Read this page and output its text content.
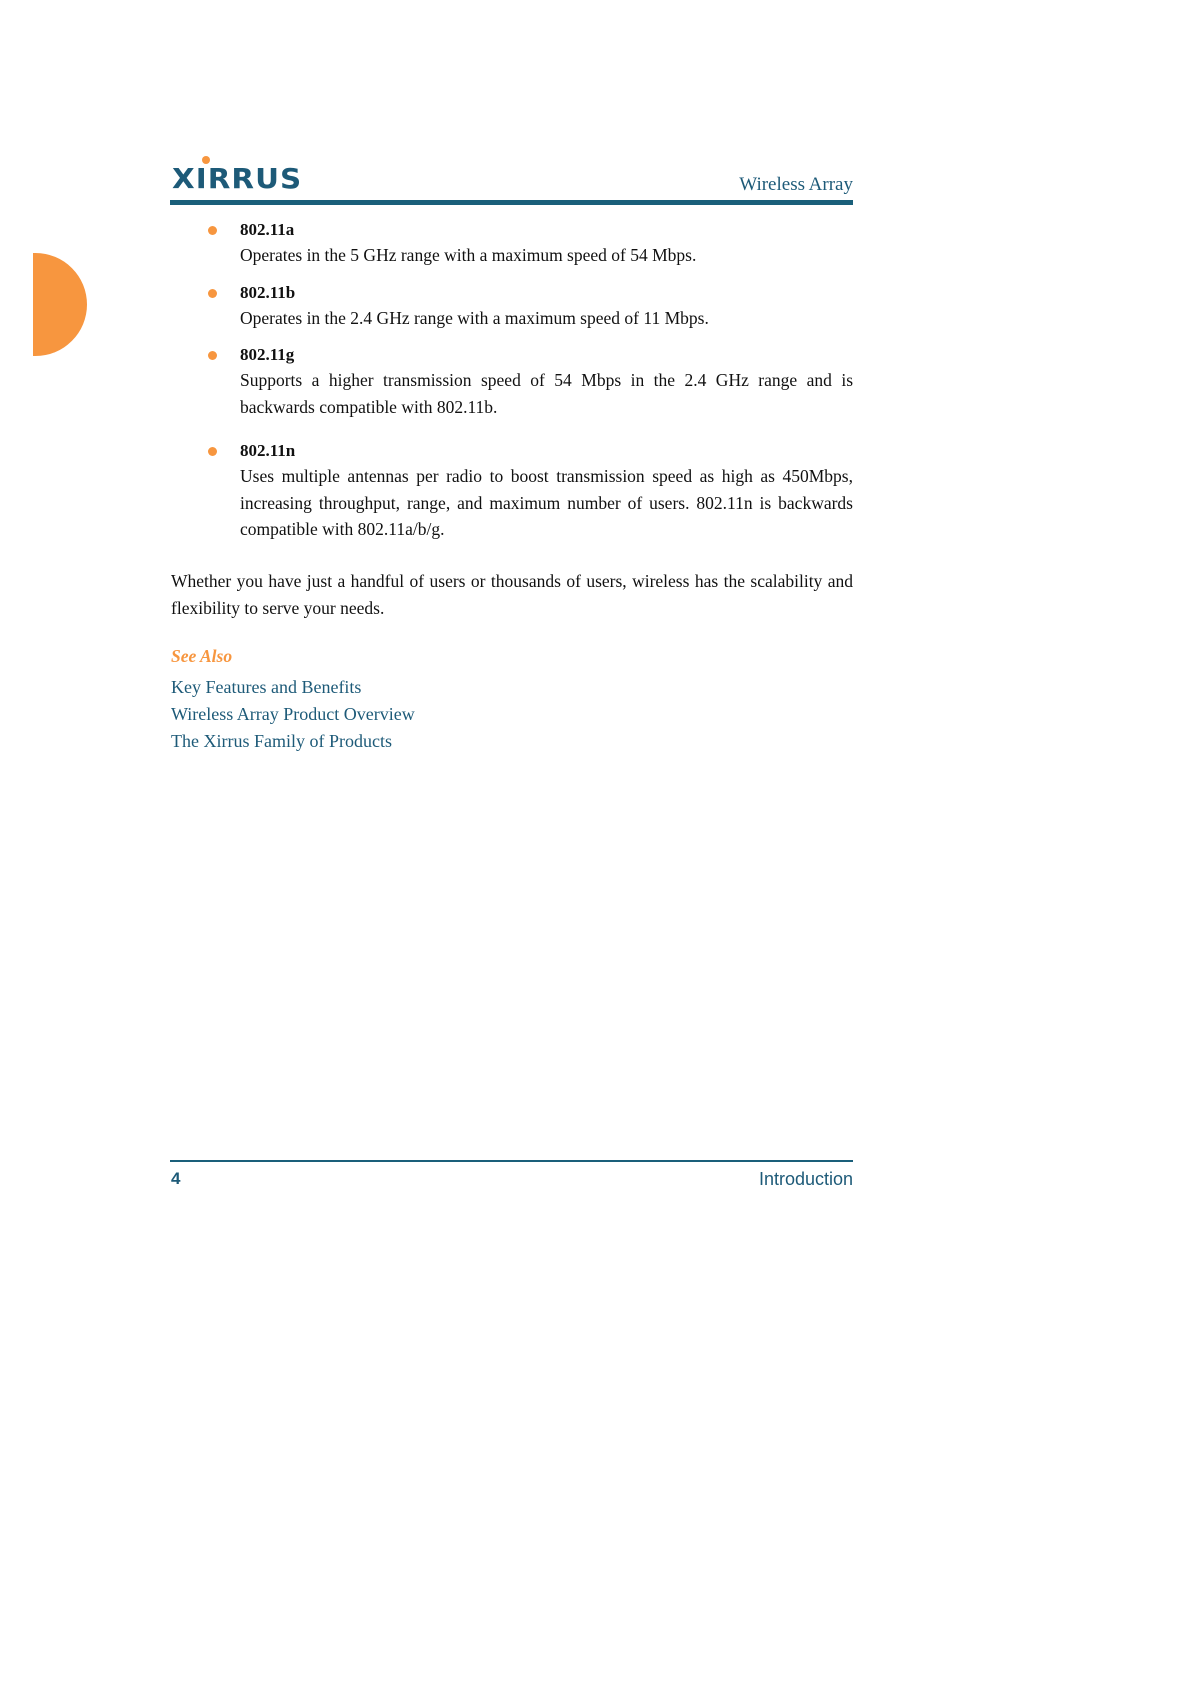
XIRRUS	Wireless Array
802.11a
Operates in the 5 GHz range with a maximum speed of 54 Mbps.
802.11b
Operates in the 2.4 GHz range with a maximum speed of 11 Mbps.
802.11g
Supports a higher transmission speed of 54 Mbps in the 2.4 GHz range and is backwards compatible with 802.11b.
802.11n
Uses multiple antennas per radio to boost transmission speed as high as 450Mbps, increasing throughput, range, and maximum number of users. 802.11n is backwards compatible with 802.11a/b/g.

Whether you have just a handful of users or thousands of users, wireless has the scalability and flexibility to serve your needs.

See Also
Key Features and Benefits
Wireless Array Product Overview
The Xirrus Family of Products
4	Introduction
